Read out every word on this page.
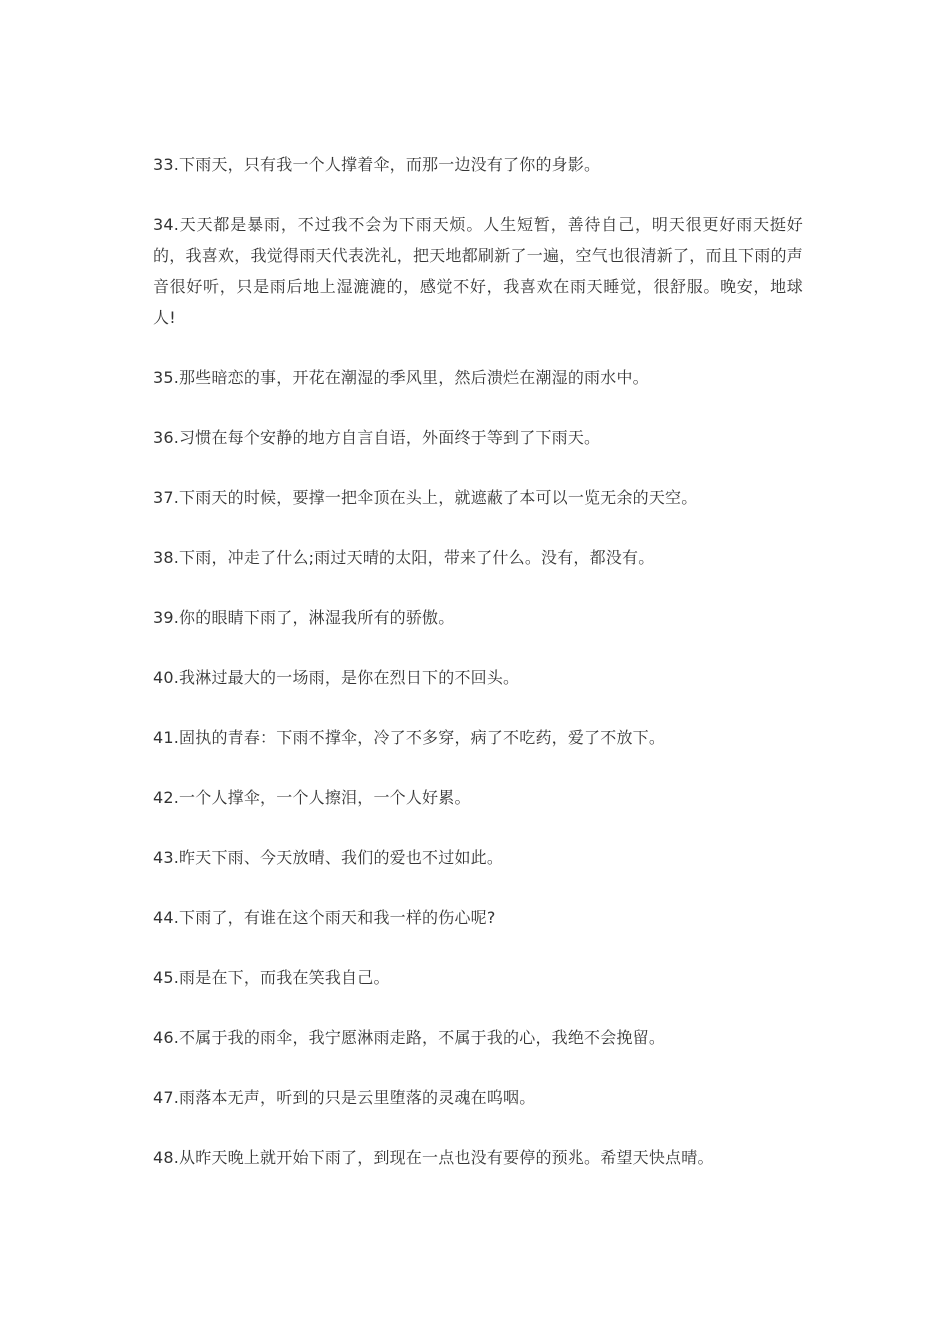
33.下雨天，只有我一个人撑着伞，而那一边没有了你的身影。

34.天天都是暴雨，不过我不会为下雨天烦。人生短暂，善待自己，明天很更好雨天挺好的，我喜欢，我觉得雨天代表洗礼，把天地都刷新了一遍，空气也很清新了，而且下雨的声音很好听，只是雨后地上湿漉漉的，感觉不好，我喜欢在雨天睡觉，很舒服。晚安，地球人!

35.那些暗恋的事，开花在潮湿的季风里，然后溃烂在潮湿的雨水中。

36.习惯在每个安静的地方自言自语，外面终于等到了下雨天。

37.下雨天的时候，要撑一把伞顶在头上，就遮蔽了本可以一览无余的天空。

38.下雨，冲走了什么;雨过天晴的太阳，带来了什么。没有，都没有。

39.你的眼睛下雨了，淋湿我所有的骄傲。

40.我淋过最大的一场雨，是你在烈日下的不回头。

41.固执的青春：下雨不撑伞，冷了不多穿，病了不吃药，爱了不放下。

42.一个人撑伞，一个人擦泪，一个人好累。

43.昨天下雨、今天放晴、我们的爱也不过如此。

44.下雨了，有谁在这个雨天和我一样的伤心呢?

45.雨是在下，而我在笑我自己。

46.不属于我的雨伞，我宁愿淋雨走路，不属于我的心，我绝不会挽留。

47.雨落本无声，听到的只是云里堕落的灵魂在呜咽。

48.从昨天晚上就开始下雨了，到现在一点也没有要停的预兆。希望天快点晴。
